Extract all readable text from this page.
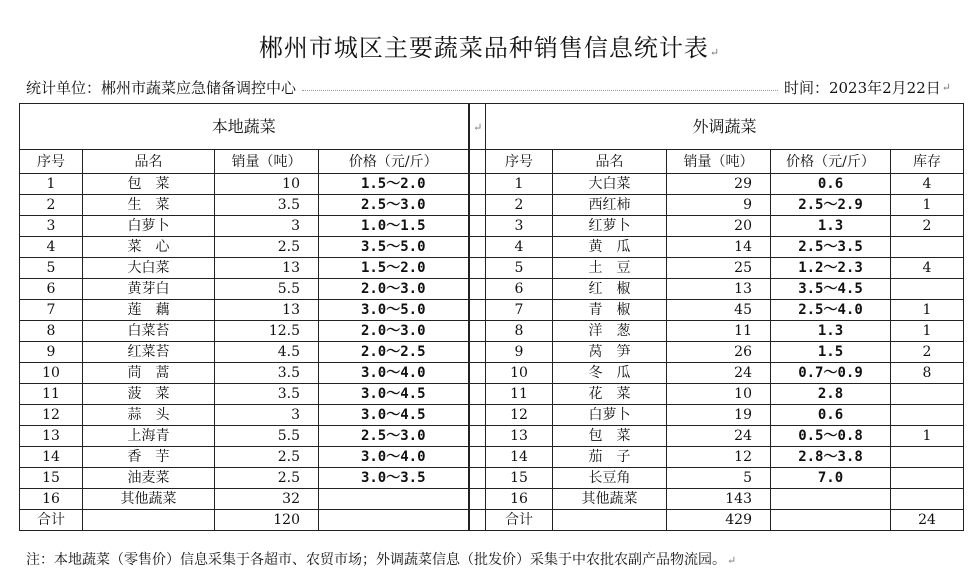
郴州市城区主要蔬菜品种销售信息统计表↵
统计单位：郴州市蔬菜应急储备调控中心	时间：2023年2月22日 ↵
本地蔬菜				↵	外调蔬菜				
序号	品名	销量（吨）	价格（元/斤）		序号	品名	销量（吨）	价格（元/斤）	库存
1	包　菜	10	1.5～2.0		1	大白菜	29	0.6	4
2	生　菜	3.5	2.5～3.0		2	西红柿	9	2.5～2.9	1
3	白萝卜	3	1.0～1.5		3	红萝卜	20	1.3	2
4	菜　心	2.5	3.5～5.0		4	黄　瓜	14	2.5～3.5	
5	大白菜	13	1.5～2.0		5	土　豆	25	1.2～2.3	4
6	黄芽白	5.5	2.0～3.0		6	红　椒	13	3.5～4.5	
7	莲　藕	13	3.0～5.0		7	青　椒	45	2.5～4.0	1
8	白菜苔	12.5	2.0～3.0		8	洋　葱	11	1.3	1
9	红菜苔	4.5	2.0～2.5		9	莴　笋	26	1.5	2
10	茼　蒿	3.5	3.0～4.0		10	冬　瓜	24	0.7～0.9	8
11	菠　菜	3.5	3.0～4.5		11	花　菜	10	2.8	
12	蒜　头	3	3.0～4.5		12	白萝卜	19	0.6	
13	上海青	5.5	2.5～3.0		13	包　菜	24	0.5～0.8	1
14	香　芋	2.5	3.0～4.0		14	茄　子	12	2.8～3.8	
15	油麦菜	2.5	3.0～3.5		15	长豆角	5	7.0	
16	其他蔬菜	32			16	其他蔬菜	143		
合计		120			合计		429		24
注：本地蔬菜（零售价）信息采集于各超市、农贸市场；外调蔬菜信息（批发价）采集于中农批农副产品物流园。↵
